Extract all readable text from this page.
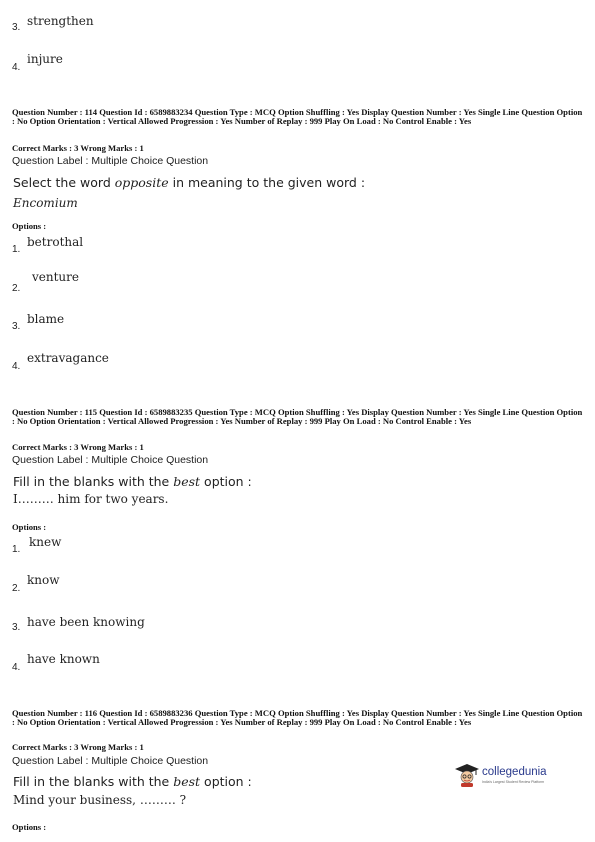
strengthen
3.
injure
4.
Question Number : 114 Question Id : 6589883234 Question Type : MCQ Option Shuffling : Yes Display Question Number : Yes Single Line Question Option : No Option Orientation : Vertical Allowed Progression : Yes Number of Replay : 999 Play On Load : No Control Enable : Yes
Correct Marks : 3 Wrong Marks : 1
Question Label : Multiple Choice Question
Select the word opposite in meaning to the given word :
Encomium
Options :
betrothal
1.
venture
2.
blame
3.
extravagance
4.
Question Number : 115 Question Id : 6589883235 Question Type : MCQ Option Shuffling : Yes Display Question Number : Yes Single Line Question Option : No Option Orientation : Vertical Allowed Progression : Yes Number of Replay : 999 Play On Load : No Control Enable : Yes
Correct Marks : 3 Wrong Marks : 1
Question Label : Multiple Choice Question
Fill in the blanks with the best option :
I……… him for two years.
Options :
knew
1.
know
2.
have been knowing
3.
have known
4.
Question Number : 116 Question Id : 6589883236 Question Type : MCQ Option Shuffling : Yes Display Question Number : Yes Single Line Question Option : No Option Orientation : Vertical Allowed Progression : Yes Number of Replay : 999 Play On Load : No Control Enable : Yes
Correct Marks : 3 Wrong Marks : 1
Question Label : Multiple Choice Question
Fill in the blanks with the best option :
Mind your business, ……… ?
Options :
collegedunia
India's Largest Student Review Platform
